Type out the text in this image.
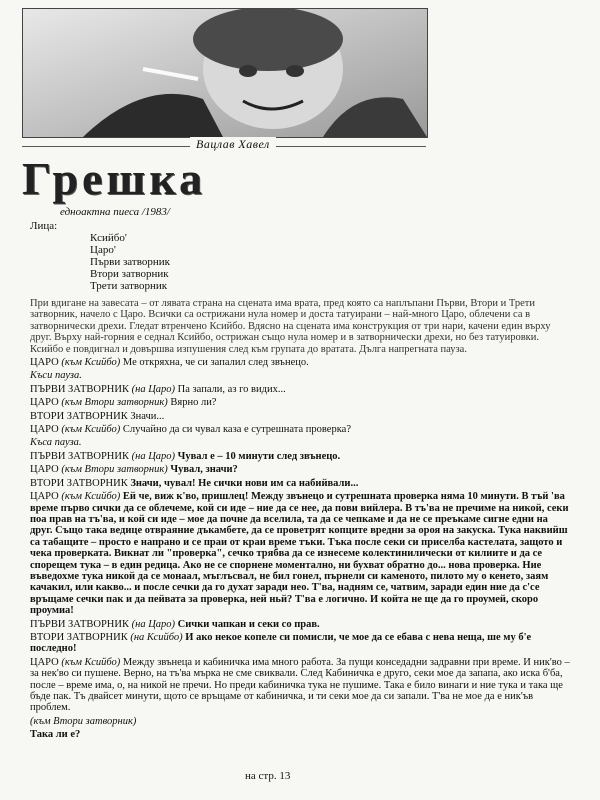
Вацлав Хавел
Грешка
едноактна пиеса /1983/
Лица:
Ксийбо'
Царо'
Първи затворник
Втори затворник
Трети затворник

При вдигане на завесата – от лявата страна на сцената има врата, пред която са наплъпани Първи, Втори и Трети затворник, начело с Царо. Всички са острижани нула номер и доста татуирани – най-много Царо, облечени са в затворнически дрехи. Гледат втренчено Ксийбо. Вдясно на сцената има конструкция от три нари, качени един върху друг. Върху най-горния е седнал Ксийбо, острижан също нула номер и в затворнически дрехи, но без татуировки. Ксийбо е повдигнал и довършва изпушения след към групата до вратата. Дълга напрегната пауза.

ЦАРО (към Ксийбо) Ме откряхна, че си запалил след звънецо.

Къси пауза.

ПЪРВИ ЗАТВОРНИК (на Царо) Па запали, аз го видих...

ЦАРО (към Втори затворник) Вярно ли?

ВТОРИ ЗАТВОРНИК Значи...

ЦАРО (към Ксийбо) Случайно да си чувал каза е сутрешната проверка?

Къса пауза.

ПЪРВИ ЗАТВОРНИК (на Царо) Чувал е – 10 минути след звънецо.

ЦАРО (към Втори затворник) Чувал, значи?

ВТОРИ ЗАТВОРНИК Значи, чувал! Не сички нови им са набийвали...

ЦАРО (към Ксийбо) Ей че, виж к'во, пришлец! Между звънецо и сутрешната проверка няма 10 минути. В тъй 'ва време първо сички да се облечеме, кой си иде – ние да се нее, да пови вийлера. В тъ'ва не пречиме на никой, секи поа прав на тъ'ва, и кой си иде – мое да почне да вселила, та да се чепкаме и да не се преъкаме сигне едни на друг. Също така ведице отвраяние дъкамбете, да се проветрят копците вредни за ороя на закуска. Тука наквийш са табащите – просто е напрано и се праи от краи време тъки. Тъка после секи си приселба кастелата, защото и чека проверката. Викнат ли "проверка", сечко трябва да се изнесеме колектинилически от килиите и да се спорещем тука – в един редица. Ако не се спорнене моментално, ни бухват обратно до... нова проверка. Ние въведохме тука никой да се монаал, мъглъсвал, не бил гонел, пърнели си каменото, пилото му о кенето, заям качакил, или какво... и после сечки да го духат заради нео. Т'ва, надням се, чатвим, заради един ние да с'се връщаме сечки пак и да пейвата за проверка, ней ньй? Т'ва е логично. И койта не ще да го проумей, скоро проумиа!

ПЪРВИ ЗАТВОРНИК (на Царо) Сички чапкан и секи со прав.

ВТОРИ ЗАТВОРНИК (на Ксийбо) И ако некое копеле си помисли, че мое да се ебава с нева неща, ше му б'е последно!

ЦАРО (към Ксийбо) Между звънеца и кабиничка има много работа. За пущи конседадни задравни при време. И ник'во – за нек'во си пушене. Верно, на тъ'ва мърка не сме свиквали. След Кабиничка е друго, секи мое да запапа, ако иска б'ба, после – време има, о, на никой не пречи. Но преди кабиничка тука не пушиме. Така е било винаги и ние тука и така ще бъде пак. Тъ двайсет минути, щото се връщаме от кабиничка, и ти секи мое да си запали. Т'ва не мое да е ник'ъв проблем.

(към Втори затворник)

Така ли е?

на стр. 13
